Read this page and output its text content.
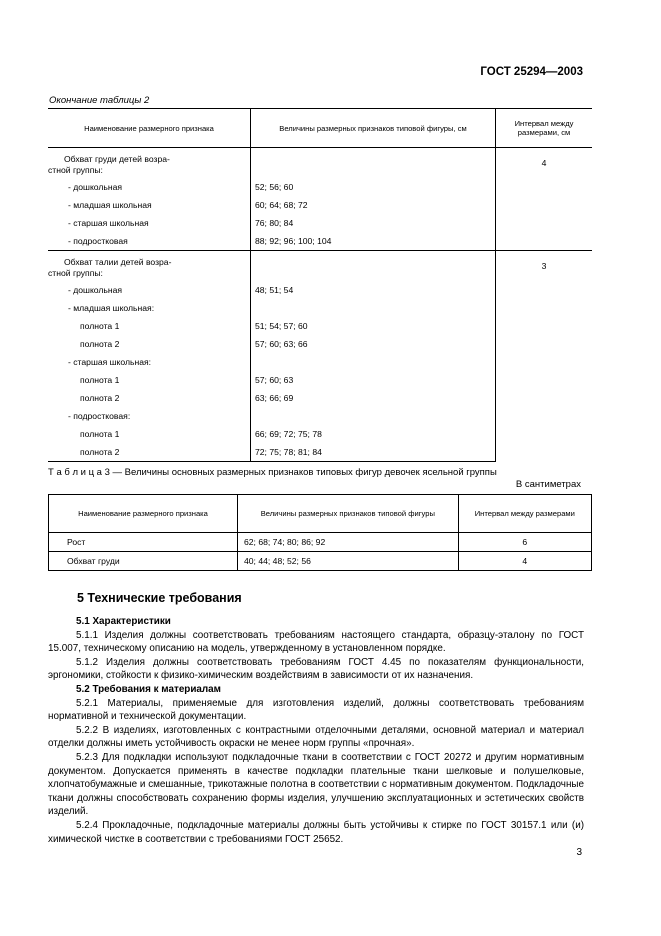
ГОСТ 25294—2003
Окончание таблицы 2
Наименование размерного признака	Величины размерных признаков типовой фигуры, см	Интервал между размерами, см

Обхват груди детей возра-
стной группы:		4
- дошкольная	52; 56; 60	
- младшая школьная	60; 64; 68; 72	
- старшая школьная	76; 80; 84	
- подростковая	88; 92; 96; 100; 104	

Обхват талии детей возра-
стной группы:		3
- дошкольная	48; 51; 54	
- младшая школьная:		
полнота 1	51; 54; 57; 60	
полнота 2	57; 60; 63; 66	
- старшая школьная:		
полнота 1	57; 60; 63	
полнота 2	63; 66; 69	
- подростковая:		
полнота 1	66; 69; 72; 75; 78	
полнота 2	72; 75; 78; 81; 84	
Т а б л и ц а 3 — Величины основных размерных признаков типовых фигур девочек ясельной группы
В сантиметрах
Наименование размерного признака	Величины размерных признаков типовой фигуры	Интервал между размерами
Рост	62; 68; 74; 80; 86; 92	6
Обхват груди	40; 44; 48; 52; 56	4
5 Технические требования

5.1 Характеристики

5.1.1 Изделия должны соответствовать требованиям настоящего стандарта, образцу-эталону по ГОСТ 15.007, техническому описанию на модель, утвержденному в установленном порядке.

5.1.2 Изделия должны соответствовать требованиям ГОСТ 4.45 по показателям функциональности, эргономики, стойкости к физико-химическим воздействиям в зависимости от их назначения.

5.2 Требования к материалам

5.2.1 Материалы, применяемые для изготовления изделий, должны соответствовать требованиям нормативной и технической документации.

5.2.2 В изделиях, изготовленных с контрастными отделочными деталями, основной материал и материал отделки должны иметь устойчивость окраски не менее норм группы «прочная».

5.2.3 Для подкладки используют подкладочные ткани в соответствии с ГОСТ 20272 и другим нормативным документом. Допускается применять в качестве подкладки плательные ткани шелковые и полушелковые, хлопчатобумажные и смешанные, трикотажные полотна в соответствии с нормативным документом. Подкладочные ткани должны способствовать сохранению формы изделия, улучшению эксплуатационных и эстетических свойств изделий.

5.2.4 Прокладочные, подкладочные материалы должны быть устойчивы к стирке по ГОСТ 30157.1 или (и) химической чистке в соответствии с требованиями ГОСТ 25652.

3
